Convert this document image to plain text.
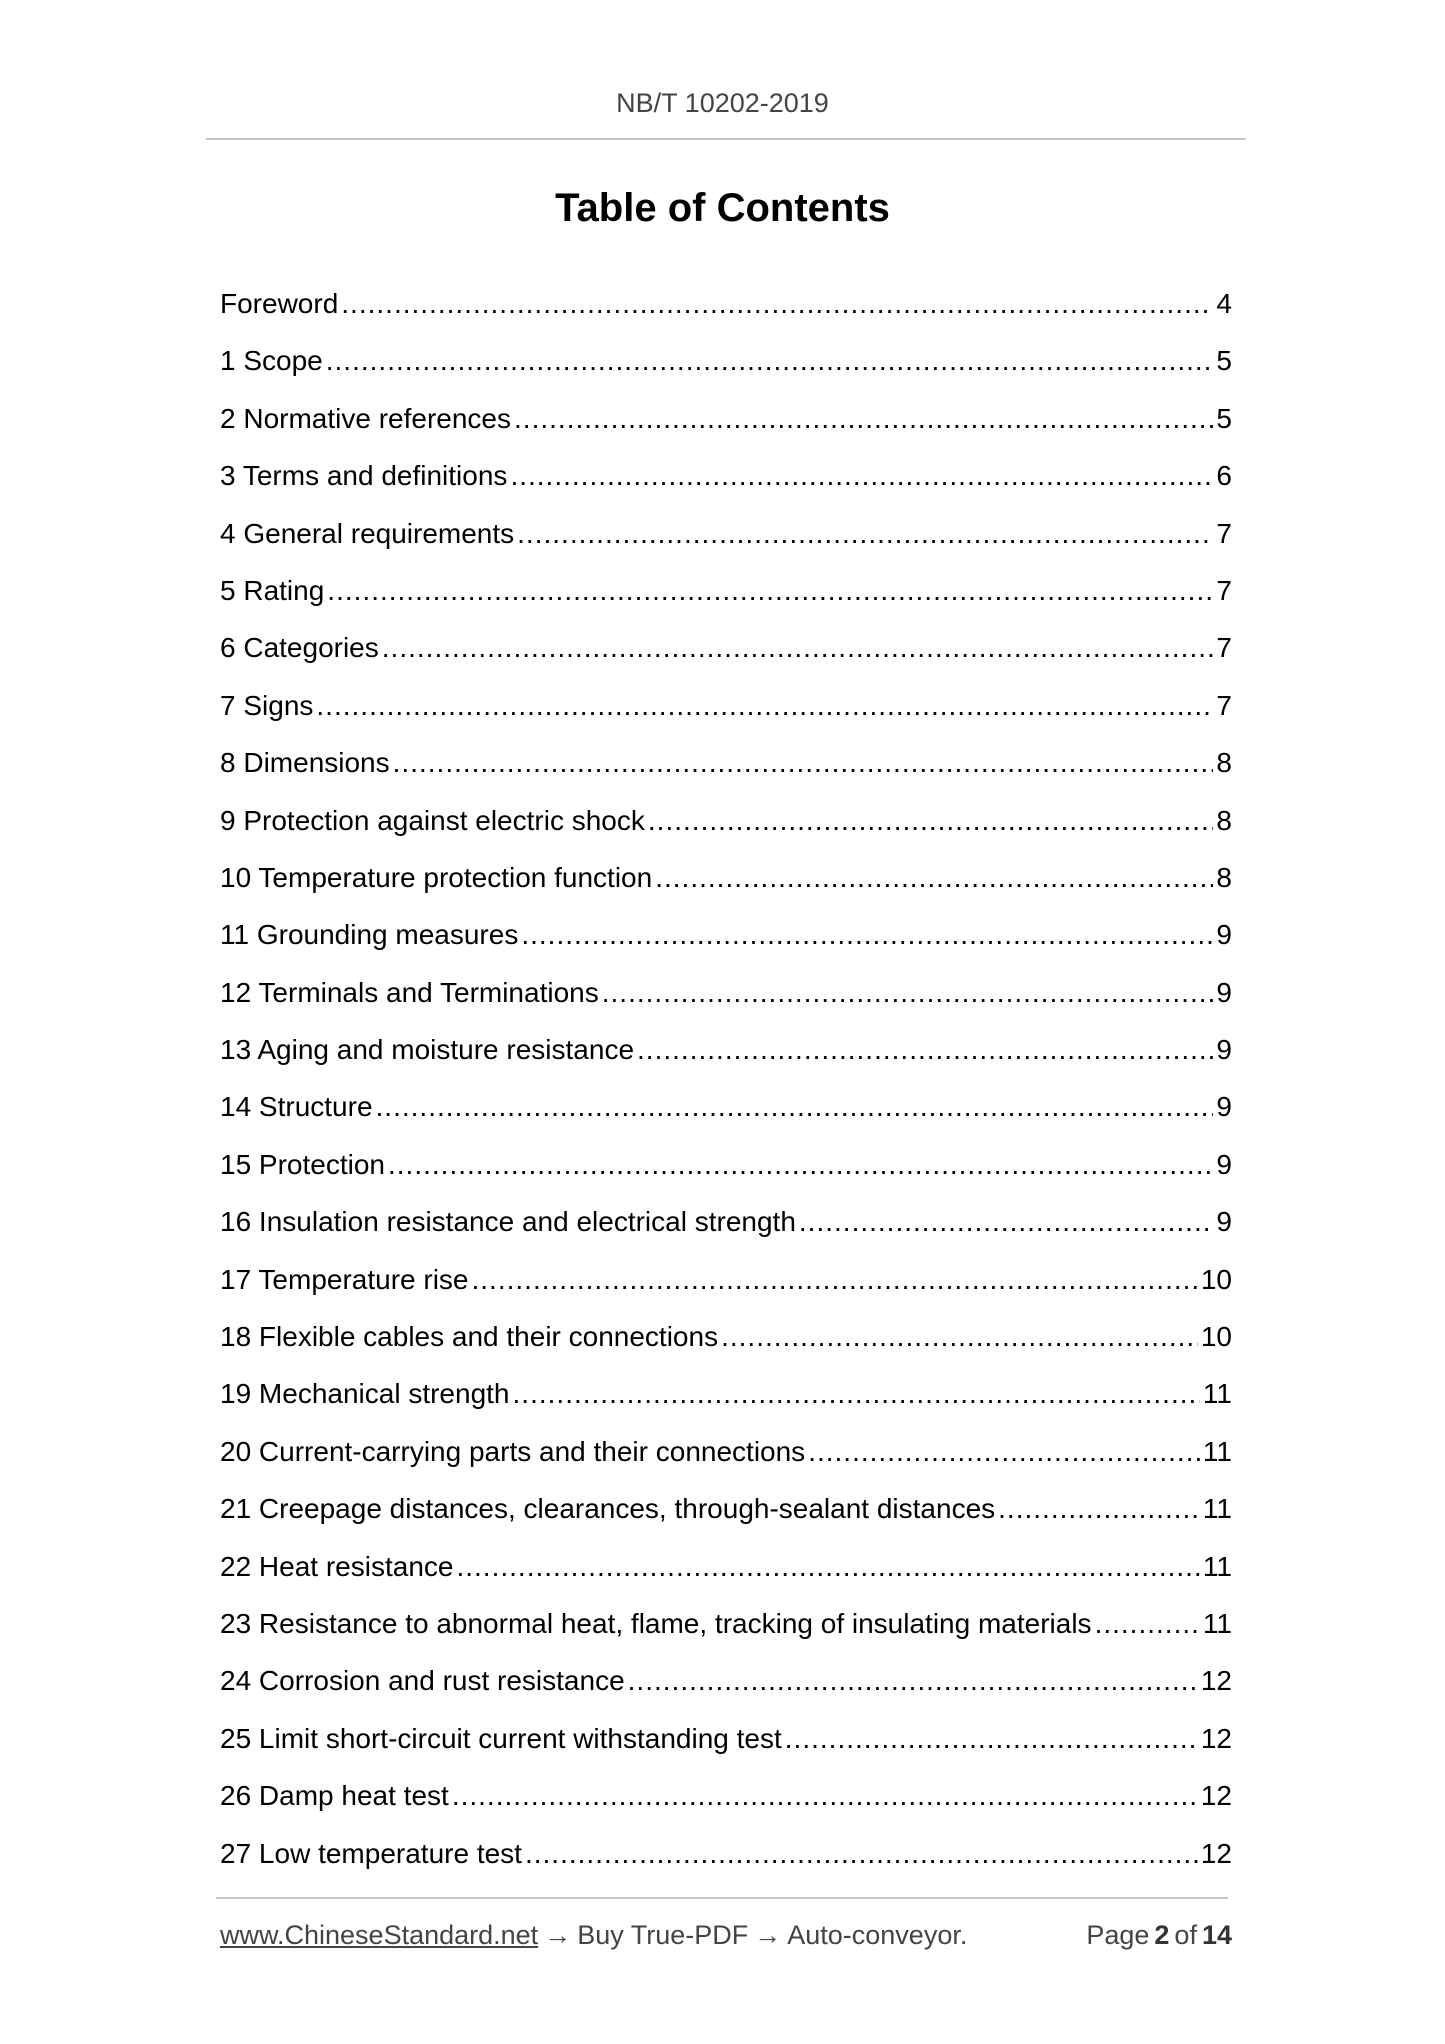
NB/T 10202-2019
Table of Contents
Foreword .....	4
1 Scope .....	5
2 Normative references .....	5
3 Terms and definitions .....	6
4 General requirements .....	7
5 Rating .....	7
6 Categories .....	7
7 Signs .....	7
8 Dimensions .....	8
9 Protection against electric shock .....	8
10 Temperature protection function .....	8
11 Grounding measures .....	9
12 Terminals and Terminations .....	9
13 Aging and moisture resistance .....	9
14 Structure .....	9
15 Protection .....	9
16 Insulation resistance and electrical strength .....	9
17 Temperature rise .....	10
18 Flexible cables and their connections .....	10
19 Mechanical strength .....	11
20 Current-carrying parts and their connections .....	11
21 Creepage distances, clearances, through-sealant distances .....	11
22 Heat resistance .....	11
23 Resistance to abnormal heat, flame, tracking of insulating materials .....	11
24 Corrosion and rust resistance .....	12
25 Limit short-circuit current withstanding test .....	12
26 Damp heat test .....	12
27 Low temperature test .....	12
www.ChineseStandard.net → Buy True-PDF → Auto-conveyor.	Page 2 of 14
